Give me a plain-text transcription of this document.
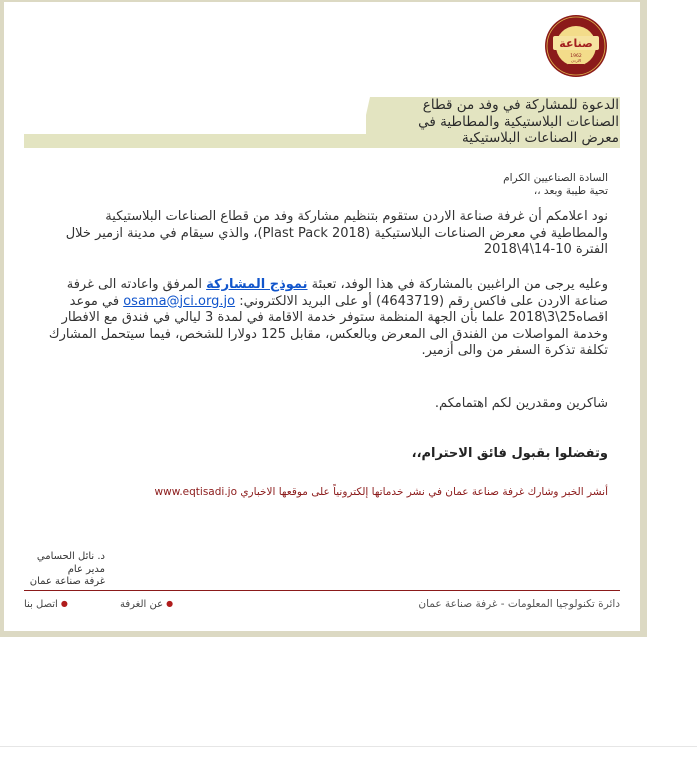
صناعة
1962
الاردن
الدعوة للمشاركة في وفد من قطاع
الصناعات البلاستيكية والمطاطية في
معرض الصناعات البلاستيكية
السادة الصناعيين الكرام
تحية طيبة وبعد ،،
نود اعلامكم أن غرفة صناعة الاردن ستقوم بتنظيم مشاركة وفد من قطاع الصناعات البلاستيكية والمطاطية في معرض الصناعات البلاستيكية (Plast Pack 2018)، والذي سيقام في مدينة ازمير خلال الفترة 10-14\4\2018
وعليه يرجى من الراغبين بالمشاركة في هذا الوفد، تعبئة نموذج المشاركة المرفق واعادته الى غرفة صناعة الاردن على فاكس رقم (4643719) أو على البريد الالكتروني: osama@jci.org.jo في موعد اقصاه25\3\2018 علما بأن الجهة المنظمة ستوفر خدمة الاقامة في لمدة 3 ليالي في فندق مع الافطار وخدمة المواصلات من الفندق الى المعرض وبالعكس، مقابل 125 دولارا للشخص، فيما سيتحمل المشارك تكلفة تذكرة السفر من والى أزمير.
شاكرين ومقدرين لكم اهتمامكم.
وتفضلوا بقبول فائق الاحترام،،
أنشر الخبر وشارك غرفة صناعة عمان في نشر خدماتها إلكترونياً على موقعها الاخباري www.eqtisadi.jo
د. نائل الحسامي
مدير عام
غرفة صناعة عمان
دائرة تكنولوجيا المعلومات - غرفة صناعة عمان
●عن الغرفة
●اتصل بنا
